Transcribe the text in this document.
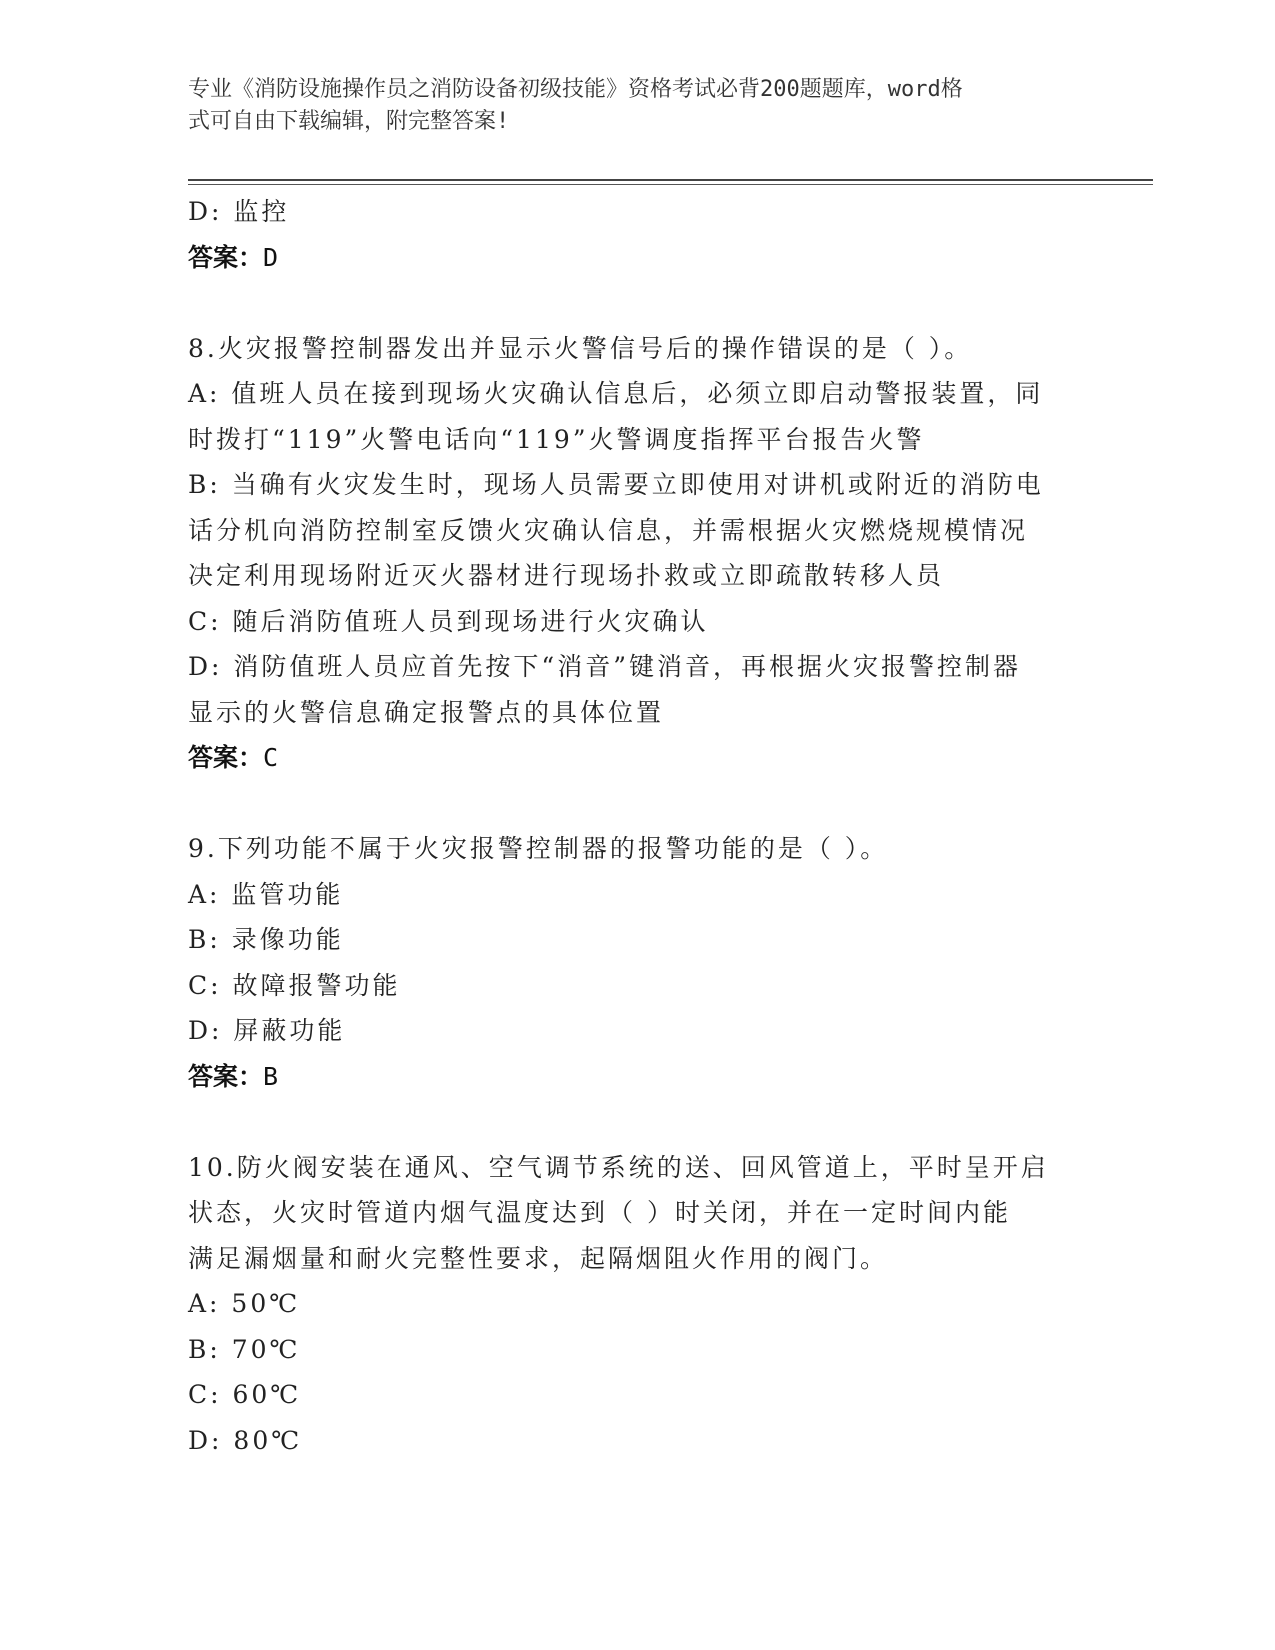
专业《消防设施操作员之消防设备初级技能》资格考试必背200题题库，word格
式可自由下载编辑，附完整答案!
D: 监控
答案：D
8.火灾报警控制器发出并显示火警信号后的操作错误的是（ ）。
A: 值班人员在接到现场火灾确认信息后，必须立即启动警报装置，同
时拨打“119”火警电话向“119”火警调度指挥平台报告火警
B: 当确有火灾发生时，现场人员需要立即使用对讲机或附近的消防电
话分机向消防控制室反馈火灾确认信息，并需根据火灾燃烧规模情况
决定利用现场附近灭火器材进行现场扑救或立即疏散转移人员
C: 随后消防值班人员到现场进行火灾确认
D: 消防值班人员应首先按下“消音”键消音，再根据火灾报警控制器
显示的火警信息确定报警点的具体位置
答案：C
9.下列功能不属于火灾报警控制器的报警功能的是（ ）。
A: 监管功能
B: 录像功能
C: 故障报警功能
D: 屏蔽功能
答案：B
10.防火阀安装在通风、空气调节系统的送、回风管道上，平时呈开启
状态，火灾时管道内烟气温度达到（ ）时关闭，并在一定时间内能
满足漏烟量和耐火完整性要求，起隔烟阻火作用的阀门。
A: 50℃
B: 70℃
C: 60℃
D: 80℃
